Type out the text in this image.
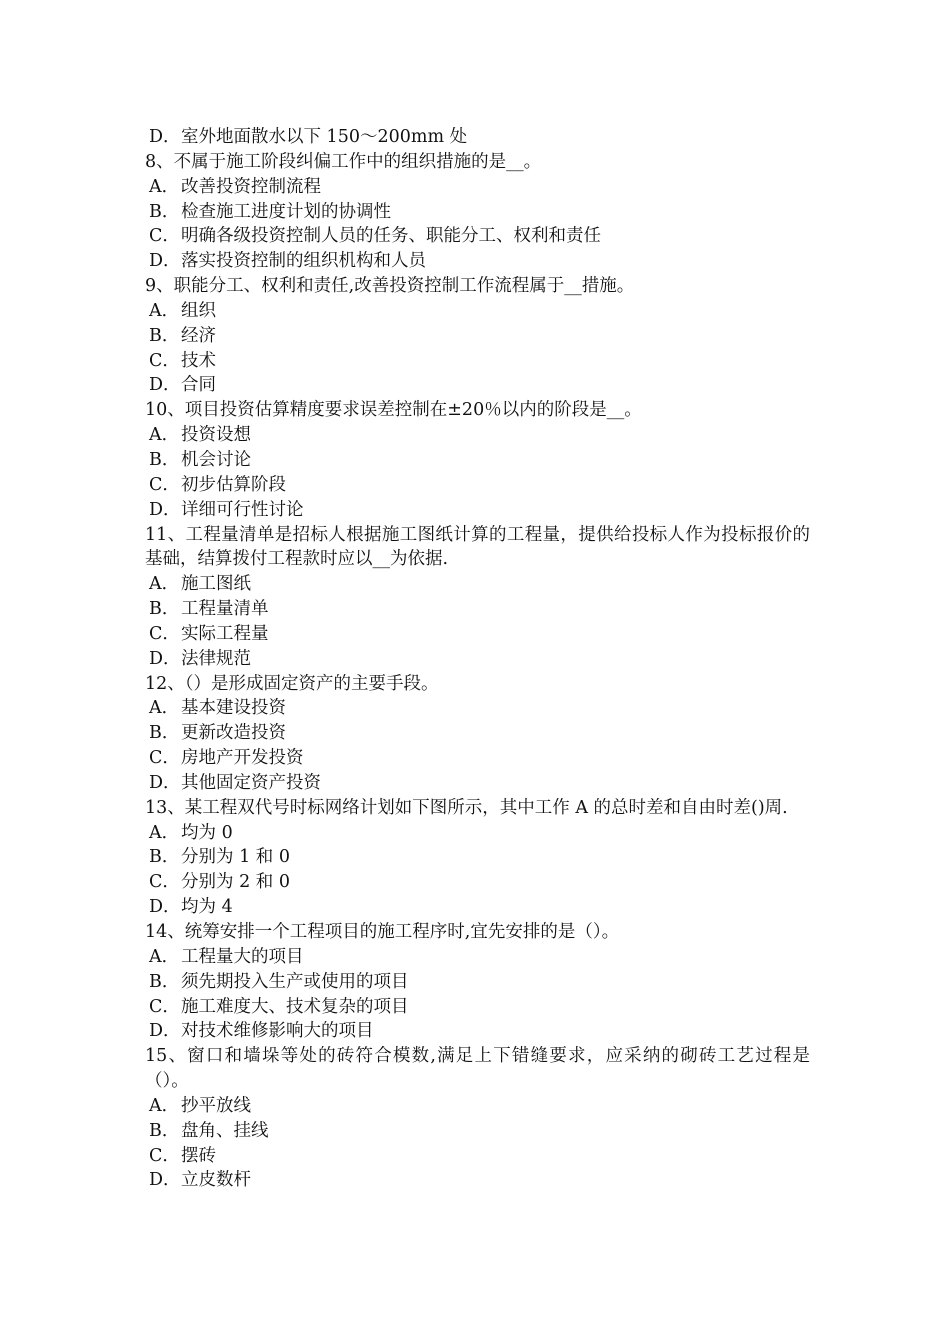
D．室外地面散水以下 150～200mm 处

8、不属于施工阶段纠偏工作中的组织措施的是__。

A． 改善投资控制流程

B．检查施工进度计划的协调性

C．明确各级投资控制人员的任务、职能分工、权利和责任

D．落实投资控制的组织机构和人员

9、职能分工、权利和责任,改善投资控制工作流程属于__措施。

A． 组织

B．经济

C．技术

D．合同

10、项目投资估算精度要求误差控制在±20％以内的阶段是__。

A． 投资设想

B．机会讨论

C．初步估算阶段

D．详细可行性讨论

11、工程量清单是招标人根据施工图纸计算的工程量，提供给投标人作为投标报价的基础，结算拨付工程款时应以__为依据.

A． 施工图纸

B．工程量清单

C．实际工程量

D．法律规范

12、（）是形成固定资产的主要手段。

A． 基本建设投资

B．更新改造投资

C．房地产开发投资

D．其他固定资产投资

13、某工程双代号时标网络计划如下图所示，其中工作 A 的总时差和自由时差()周.

A． 均为 0

B．分别为 1 和 0

C．分别为 2 和 0

D．均为 4

14、统筹安排一个工程项目的施工程序时,宜先安排的是（）。

A． 工程量大的项目

B．须先期投入生产或使用的项目

C．施工难度大、技术复杂的项目

D．对技术维修影响大的项目

15、窗口和墙垛等处的砖符合模数,满足上下错缝要求，应采纳的砌砖工艺过程是（）。

A． 抄平放线

B．盘角、挂线

C．摆砖

D．立皮数杆
